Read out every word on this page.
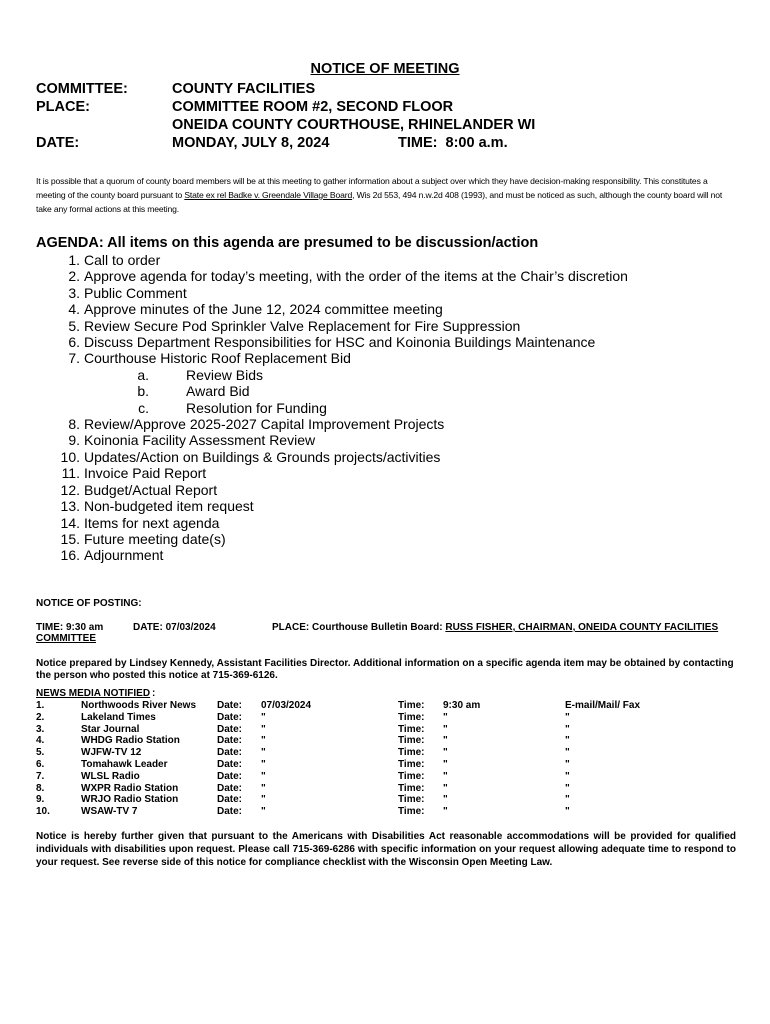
NOTICE OF MEETING
COMMITTEE:	COUNTY FACILITIES
PLACE:	COMMITTEE ROOM #2, SECOND FLOOR
ONEIDA COUNTY COURTHOUSE, RHINELANDER WI
DATE:	MONDAY, JULY 8, 2024	TIME: 8:00 a.m.
It is possible that a quorum of county board members will be at this meeting to gather information about a subject over which they have decision-making responsibility. This constitutes a meeting of the county board pursuant to State ex rel Badke v. Greendale Village Board, Wis 2d 553, 494 n.w.2d 408 (1993), and must be noticed as such, although the county board will not take any formal actions at this meeting.
AGENDA: All items on this agenda are presumed to be discussion/action
1. Call to order
2. Approve agenda for today’s meeting, with the order of the items at the Chair’s discretion
3. Public Comment
4. Approve minutes of the June 12, 2024 committee meeting
5. Review Secure Pod Sprinkler Valve Replacement for Fire Suppression
6. Discuss Department Responsibilities for HSC and Koinonia Buildings Maintenance
7. Courthouse Historic Roof Replacement Bid
a.	Review Bids
b.	Award Bid
c.	Resolution for Funding
8. Review/Approve 2025-2027 Capital Improvement Projects
9. Koinonia Facility Assessment Review
10. Updates/Action on Buildings & Grounds projects/activities
11. Invoice Paid Report
12. Budget/Actual Report
13. Non-budgeted item request
14. Items for next agenda
15. Future meeting date(s)
16. Adjournment
NOTICE OF POSTING:
TIME: 9:30 am	DATE: 07/03/2024	PLACE: Courthouse Bulletin Board: RUSS FISHER, CHAIRMAN, ONEIDA COUNTY FACILITIES
COMMITTEE
Notice prepared by Lindsey Kennedy, Assistant Facilities Director. Additional information on a specific agenda item may be obtained by contacting the person who posted this notice at 715-369-6126.
NEWS MEDIA NOTIFIED :
1.	Northwoods River News Date: 07/03/2024	Time: 9:30 am	E-mail/Mail/ Fax
2.	Lakeland Times	Date: "	Time: "	"
3.	Star Journal	Date: "	Time: "	"
4.	WHDG Radio Station	Date: "	Time: "	"
5.	WJFW-TV 12	Date: "	Time: "	"
6.	Tomahawk Leader	Date: "	Time: "	"
7.	WLSL Radio	Date: "	Time: "	"
8.	WXPR Radio Station	Date: "	Time: "	"
9.	WRJO Radio Station	Date: "	Time: "	"
10.	WSAW-TV 7	Date: "	Time: "	"
Notice is hereby further given that pursuant to the Americans with Disabilities Act reasonable accommodations will be provided for qualified individuals with disabilities upon request. Please call 715-369-6286 with specific information on your request allowing adequate time to respond to your request. See reverse side of this notice for compliance checklist with the Wisconsin Open Meeting Law.
